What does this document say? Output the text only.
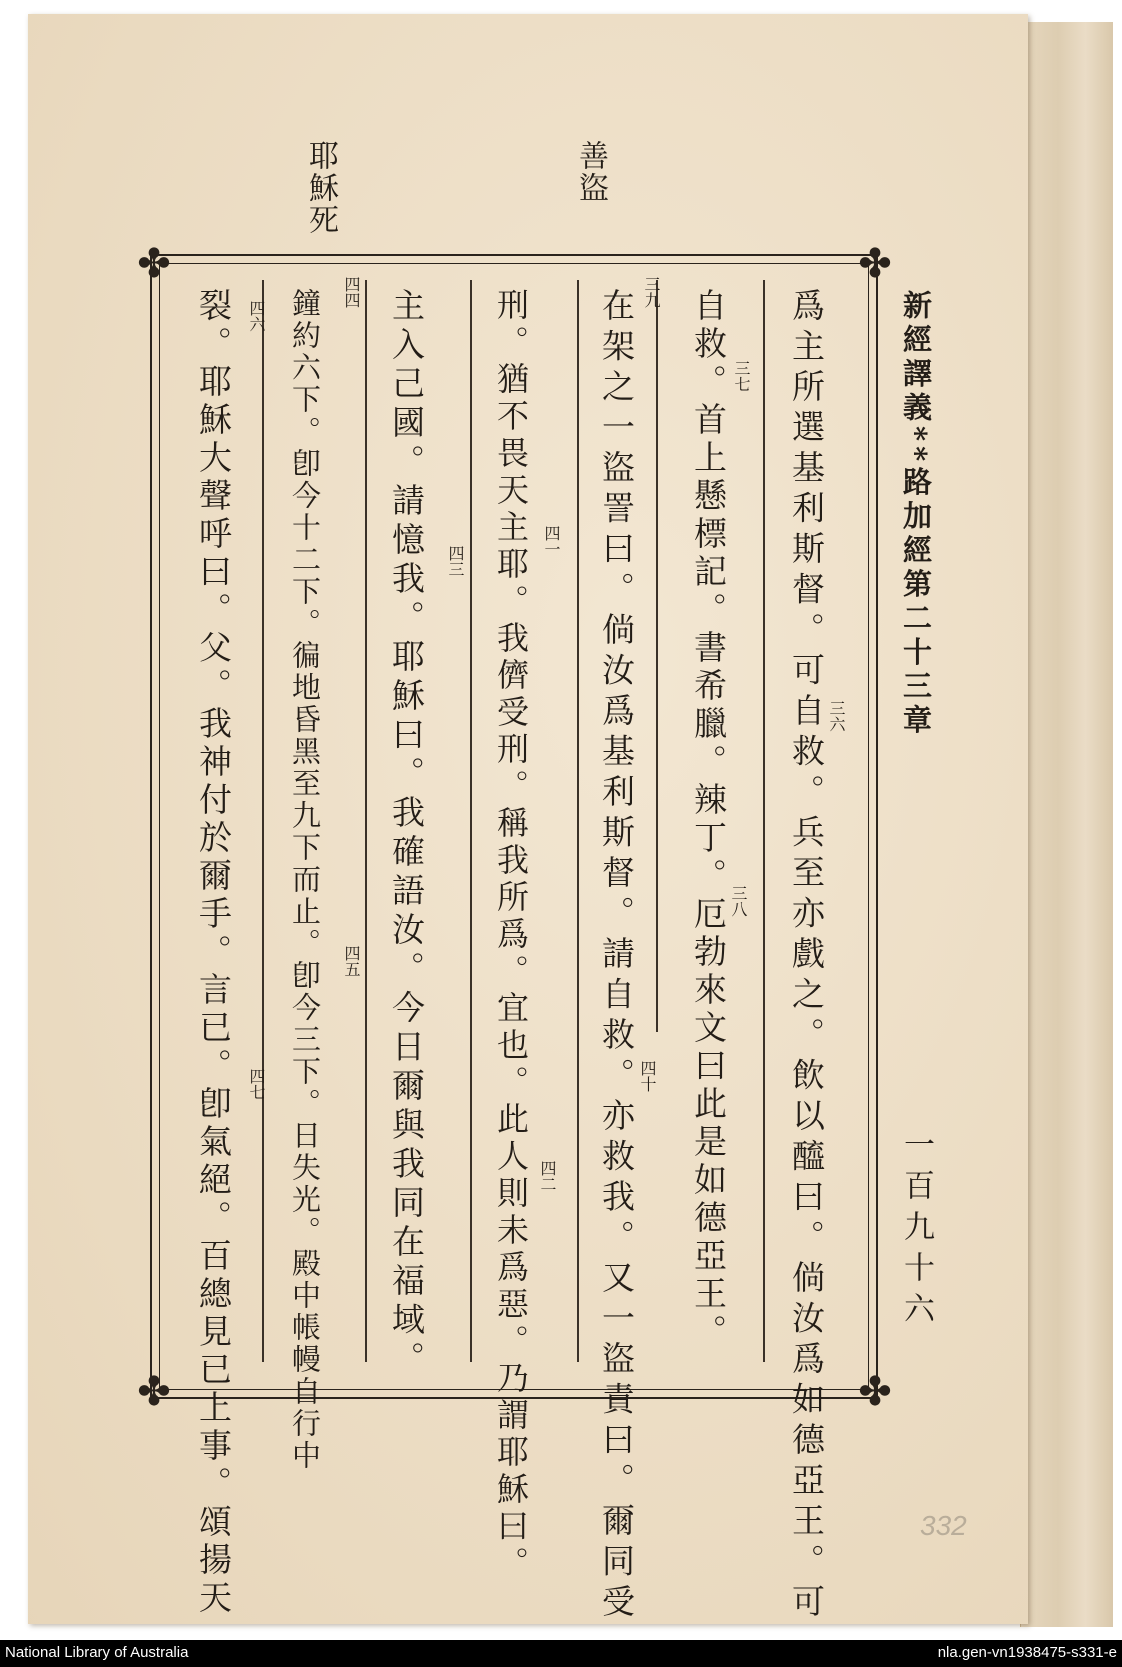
善盜
耶穌死
新經譯義**路加經第二十三章
一百九十六
✤	✤
✤	✤
爲主所選基利斯督。可自救。兵至亦戲之。飲以醯曰。倘汝爲如德亞王。可
自救。首上懸標記。書希臘。辣丁。厄勃來文曰此是如德亞王。
在架之一盜詈曰。倘汝爲基利斯督。請自救。亦救我。又一盜責曰。爾同受
刑。猶不畏天主耶。我儕受刑。稱我所爲。宜也。此人則未爲惡。乃謂耶穌曰。
主入己國。請憶我。耶穌曰。我確語汝。今日爾與我同在福域。
鐘約六下。卽今十二下。徧地昏黑至九下而止。卽今三下。日失光。殿中帳幔自行中
裂。耶穌大聲呼曰。父。我神付於爾手。言已。卽氣絕。百總見已上事。頌揚天	三六
三七
三八
三九
四十
四一
四二
四三
四四
四五
四六
四七
332
National Library of Australia	nla.gen-vn1938475-s331-e
